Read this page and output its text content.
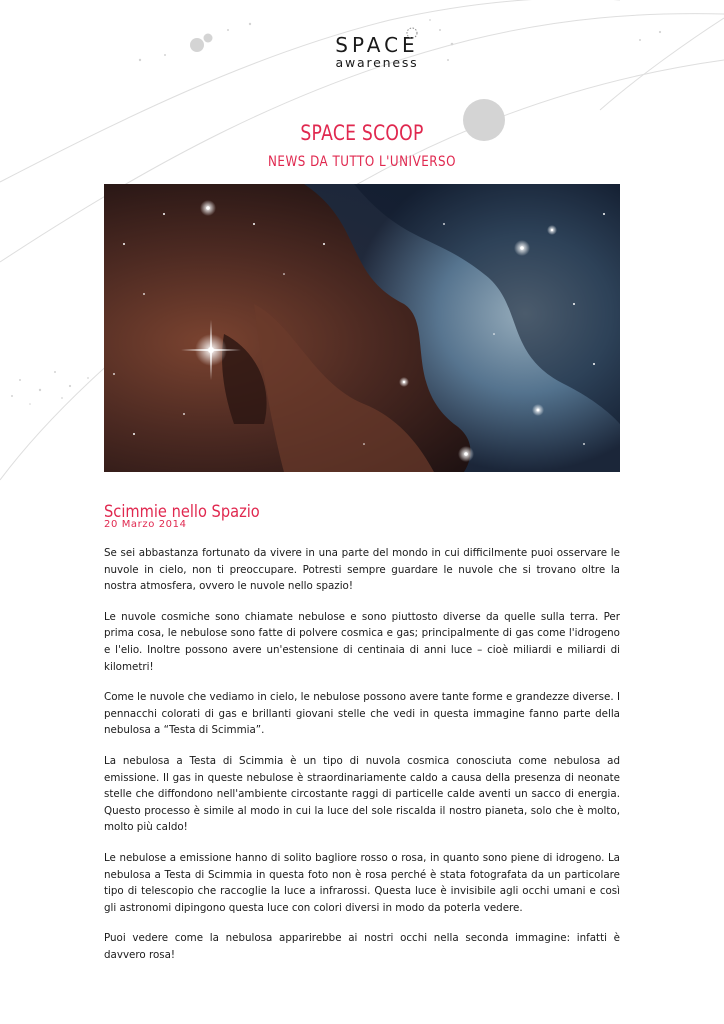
SPACE
awareness
SPACE SCOOP
NEWS DA TUTTO L'UNIVERSO
Scimmie nello Spazio
20 Marzo 2014

Se sei abbastanza fortunato da vivere in una parte del mondo in cui difficilmente puoi osservare le nuvole in cielo, non ti preoccupare. Potresti sempre guardare le nuvole che si trovano oltre la nostra atmosfera, ovvero le nuvole nello spazio!

Le nuvole cosmiche sono chiamate nebulose e sono piuttosto diverse da quelle sulla terra. Per prima cosa, le nebulose sono fatte di polvere cosmica e gas; principalmente di gas come l'idrogeno e l'elio. Inoltre possono avere un'estensione di centinaia di anni luce – cioè miliardi e miliardi di kilometri!

Come le nuvole che vediamo in cielo, le nebulose possono avere tante forme e grandezze diverse. I pennacchi colorati di gas e brillanti giovani stelle che vedi in questa immagine fanno parte della nebulosa a “Testa di Scimmia”.

La nebulosa a Testa di Scimmia è un tipo di nuvola cosmica conosciuta come nebulosa ad emissione. Il gas in queste nebulose è straordinariamente caldo a causa della presenza di neonate stelle che diffondono nell'ambiente circostante raggi di particelle calde aventi un sacco di energia. Questo processo è simile al modo in cui la luce del sole riscalda il nostro pianeta, solo che è molto, molto più caldo!

Le nebulose a emissione hanno di solito bagliore rosso o rosa, in quanto sono piene di idrogeno. La nebulosa a Testa di Scimmia in questa foto non è rosa perché è stata fotografata da un particolare tipo di telescopio che raccoglie la luce a infrarossi. Questa luce è invisibile agli occhi umani e così gli astronomi dipingono questa luce con colori diversi in modo da poterla vedere.

Puoi vedere come la nebulosa apparirebbe ai nostri occhi nella seconda immagine: infatti è davvero rosa!
